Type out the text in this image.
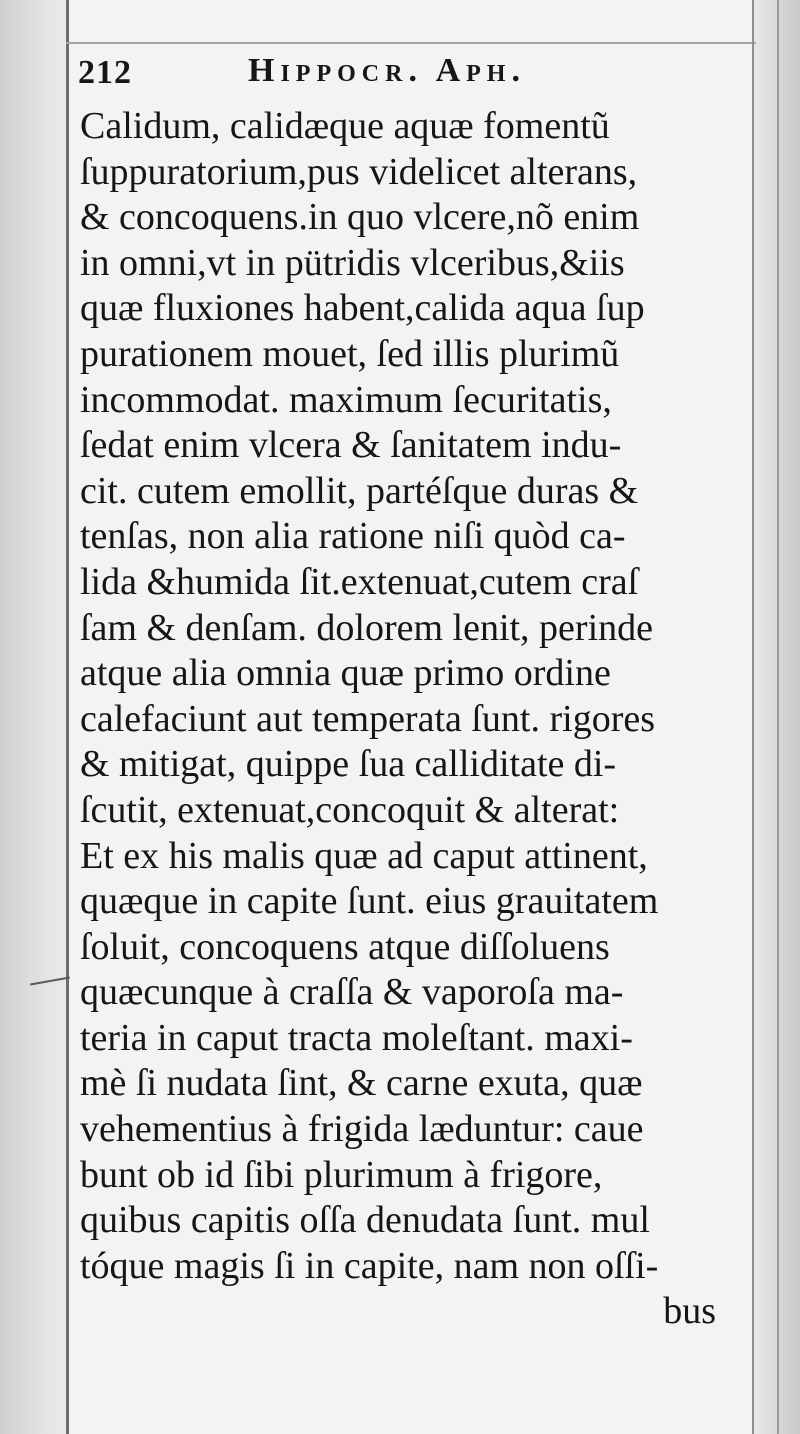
212	Hippocr. Aph.
Calidum, calidæque aquæ fomentũ
ſuppuratorium,pus videlicet alterans,
& concoquens.in quo vlcere,nõ enim
in omni,vt in pütridis vlceribus,&iis
quæ fluxiones habent,calida aqua ſup
purationem mouet, ſed illis plurimũ
incommodat. maximum ſecuritatis,
ſedat enim vlcera & ſanitatem indu-
cit. cutem emollit, partéſque duras &
tenſas, non alia ratione niſi quòd ca-
lida &humida ſit.extenuat,cutem craſ
ſam & denſam. dolorem lenit, perinde
atque alia omnia quæ primo ordine
calefaciunt aut temperata ſunt. rigores
& mitigat, quippe ſua calliditate di-
ſcutit, extenuat,concoquit & alterat:
Et ex his malis quæ ad caput attinent,
quæque in capite ſunt. eius grauitatem
ſoluit, concoquens atque diſſoluens
quæcunque à craſſa & vaporoſa ma-
teria in caput tracta moleſtant. maxi-
mè ſi nudata ſint, & carne exuta, quæ
vehementius à frigida læduntur: caue
bunt ob id ſibi plurimum à frigore,
quibus capitis oſſa denudata ſunt. mul
tóque magis ſi in capite, nam non oſſi-
bus
